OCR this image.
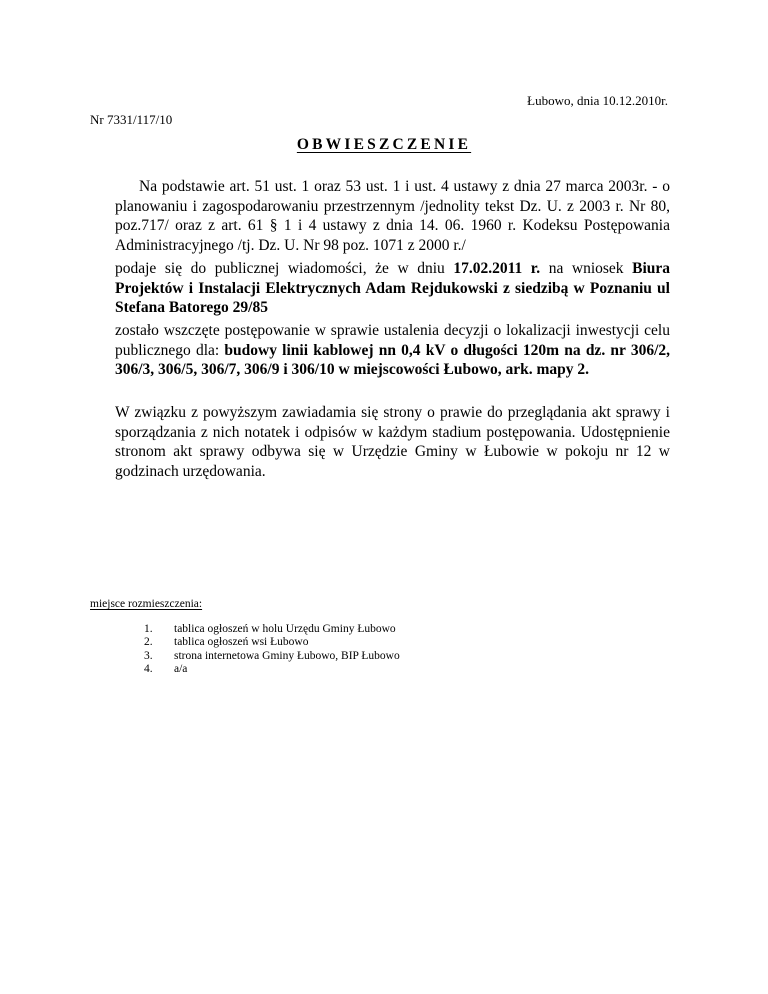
Łubowo, dnia 10.12.2010r.
Nr 7331/117/10
OBWIESZCZENIE
Na podstawie art. 51 ust. 1 oraz 53 ust. 1 i ust. 4 ustawy z dnia 27 marca 2003r. - o planowaniu i zagospodarowaniu przestrzennym /jednolity tekst Dz. U. z 2003 r. Nr 80, poz.717/ oraz z art. 61 § 1 i 4 ustawy z dnia 14. 06. 1960 r. Kodeksu Postępowania Administracyjnego /tj. Dz. U. Nr 98 poz. 1071 z 2000 r./
podaje się do publicznej wiadomości, że w dniu 17.02.2011 r. na wniosek Biura Projektów i Instalacji Elektrycznych Adam Rejdukowski z siedzibą w Poznaniu ul Stefana Batorego 29/85
zostało wszczęte postępowanie w sprawie ustalenia decyzji o lokalizacji inwestycji celu publicznego dla: budowy linii kablowej nn 0,4 kV o długości 120m na dz. nr 306/2, 306/3, 306/5, 306/7, 306/9 i 306/10 w miejscowości Łubowo, ark. mapy 2.
W związku z powyższym zawiadamia się strony o prawie do przeglądania akt sprawy i sporządzania z nich notatek i odpisów w każdym stadium postępowania. Udostępnienie stronom akt sprawy odbywa się w Urzędzie Gminy w Łubowie w pokoju nr 12 w godzinach urzędowania.
miejsce rozmieszczenia:
1.	tablica ogłoszeń w holu Urzędu Gminy Łubowo
2.	tablica ogłoszeń wsi Łubowo
3.	strona internetowa Gminy Łubowo, BIP Łubowo
4.	a/a
